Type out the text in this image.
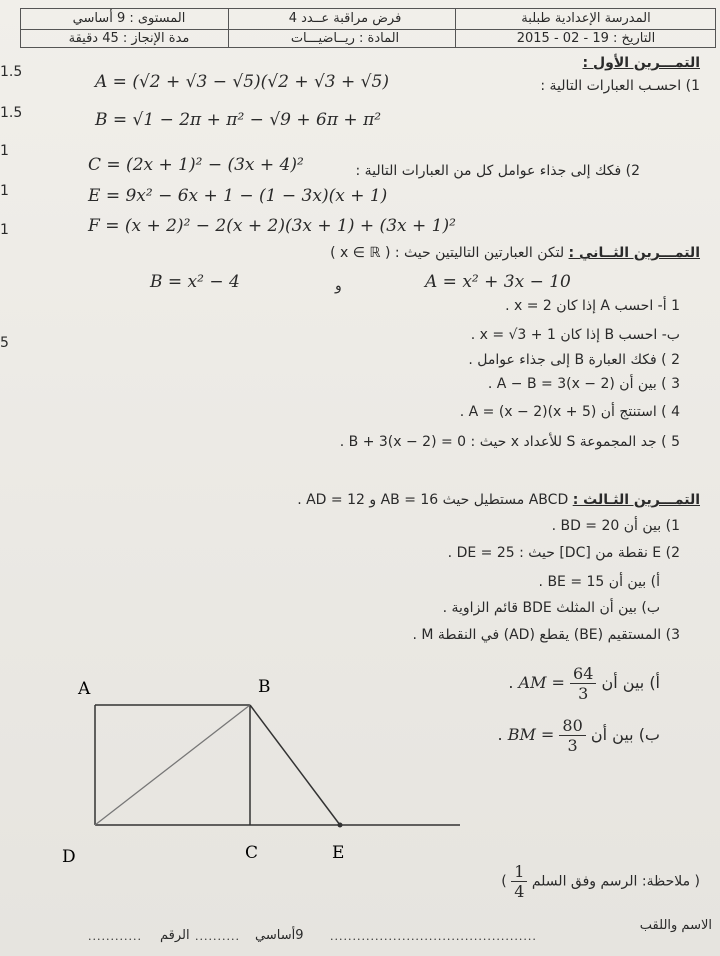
المستوى : 9 أساسي	فرض مراقبة عــدد 4	المدرسة الإعدادية طبلبة
مدة الإنجاز : 45 دقيقة	المادة : ريــاضيـــات	التاريخ : 19 - 02 - 2015
1.5
1.5
1
1
1
5
التمـــرين الأول :
1) احسـب العبارات التالية :
A = (√2 + √3 − √5)(√2 + √3 + √5)
B = √1 − 2π + π² − √9 + 6π + π²
2) فكك إلى جذاء عوامل كل من العبارات التالية :
C = (2x + 1)² − (3x + 4)²
E = 9x² − 6x + 1 − (1 − 3x)(x + 1)
F = (x + 2)² − 2(x + 2)(3x + 1) + (3x + 1)²
التمـــرين الثــاني : لتكن العبارتين التاليتين حيث : ( x ∈ ℝ )
B = x² − 4	و	A = x² + 3x − 10
1 أ- احسب A إذا كان x = 2 .
ب- احسب B إذا كان x = √3 + 1 .
2 ) فكك العبارة B إلى جذاء عوامل .
3 ) بين أن A − B = 3(x − 2) .
4 ) استنتج أن A = (x − 2)(x + 5) .
5 ) جد المجموعة S للأعداد x حيث : B + 3(x − 2) = 0 .
التمـــرين الثـالث : ABCD مستطيل حيث AB = 16 و AD = 12 .
1) بين أن BD = 20 .
2) E نقطة من [DC] حيث : DE = 25 .
أ) بين أن BE = 15 .
ب) بين أن المثلث BDE قائم الزاوية .
3) المستقيم (BE) يقطع (AD) في النقطة M .
أ) بين أن AM = $\frac{64}{3}$
.
ب) بين أن BM = $\frac{80}{3}$
.
A	B
D	C	E
( ملاحظة: الرسم وفق السلم
$\frac{1}{4}$
)
الاسم واللقب
..............................................
9أساسي
..........
الرقم
............
